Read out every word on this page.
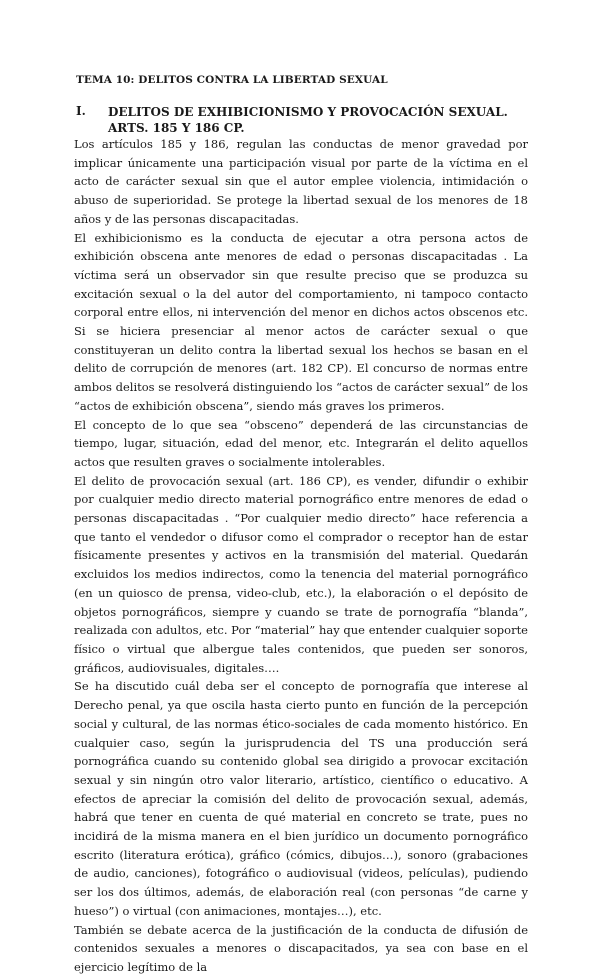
TEMA 10: DELITOS CONTRA LA LIBERTAD SEXUAL
I. DELITOS DE EXHIBICIONISMO Y PROVOCACIÓN SEXUAL. ARTS. 185 Y 186 CP.

Los artículos 185 y 186, regulan las conductas de menor gravedad por implicar únicamente una participación visual por parte de la víctima en el acto de carácter sexual sin que el autor emplee violencia, intimidación o abuso de superioridad. Se protege la libertad sexual de los menores de 18 años y de las personas discapacitadas.

El exhibicionismo es la conducta de ejecutar a otra persona actos de exhibición obscena ante menores de edad o personas discapacitadas . La víctima será un observador sin que resulte preciso que se produzca su excitación sexual o la del autor del comportamiento, ni tampoco contacto corporal entre ellos, ni intervención del menor en dichos actos obscenos etc. Si se hiciera presenciar al menor actos de carácter sexual o que constituyeran un delito contra la libertad sexual los hechos se basan en el delito de corrupción de menores (art. 182 CP). El concurso de normas entre ambos delitos se resolverá distinguiendo los “actos de carácter sexual” de los “actos de exhibición obscena”, siendo más graves los primeros.

El concepto de lo que sea “obsceno” dependerá de las circunstancias de tiempo, lugar, situación, edad del menor, etc. Integrarán el delito aquellos actos que resulten graves o socialmente intolerables.

El delito de provocación sexual (art. 186 CP), es vender, difundir o exhibir por cualquier medio directo material pornográfico entre menores de edad o personas discapacitadas . “Por cualquier medio directo” hace referencia a que tanto el vendedor o difusor como el comprador o receptor han de estar físicamente presentes y activos en la transmisión del material. Quedarán excluidos los medios indirectos, como la tenencia del material pornográfico (en un quiosco de prensa, video-club, etc.), la elaboración o el depósito de objetos pornográficos, siempre y cuando se trate de pornografía “blanda”, realizada con adultos, etc. Por “material” hay que entender cualquier soporte físico o virtual que albergue tales contenidos, que pueden ser sonoros, gráficos, audiovisuales, digitales….

Se ha discutido cuál deba ser el concepto de pornografía que interese al Derecho penal, ya que oscila hasta cierto punto en función de la percepción social y cultural, de las normas ético-sociales de cada momento histórico. En cualquier caso, según la jurisprudencia del TS una producción será pornográfica cuando su contenido global sea dirigido a provocar excitación sexual y sin ningún otro valor literario, artístico, científico o educativo. A efectos de apreciar la comisión del delito de provocación sexual, además, habrá que tener en cuenta de qué material en concreto se trate, pues no incidirá de la misma manera en el bien jurídico un documento pornográfico escrito (literatura erótica), gráfico (cómics, dibujos…), sonoro (grabaciones de audio, canciones), fotográfico o audiovisual (videos, películas), pudiendo ser los dos últimos, además, de elaboración real (con personas “de carne y hueso”) o virtual (con animaciones, montajes…), etc.

También se debate acerca de la justificación de la conducta de difusión de contenidos sexuales a menores o discapacitados, ya sea con base en el ejercicio legítimo de la
